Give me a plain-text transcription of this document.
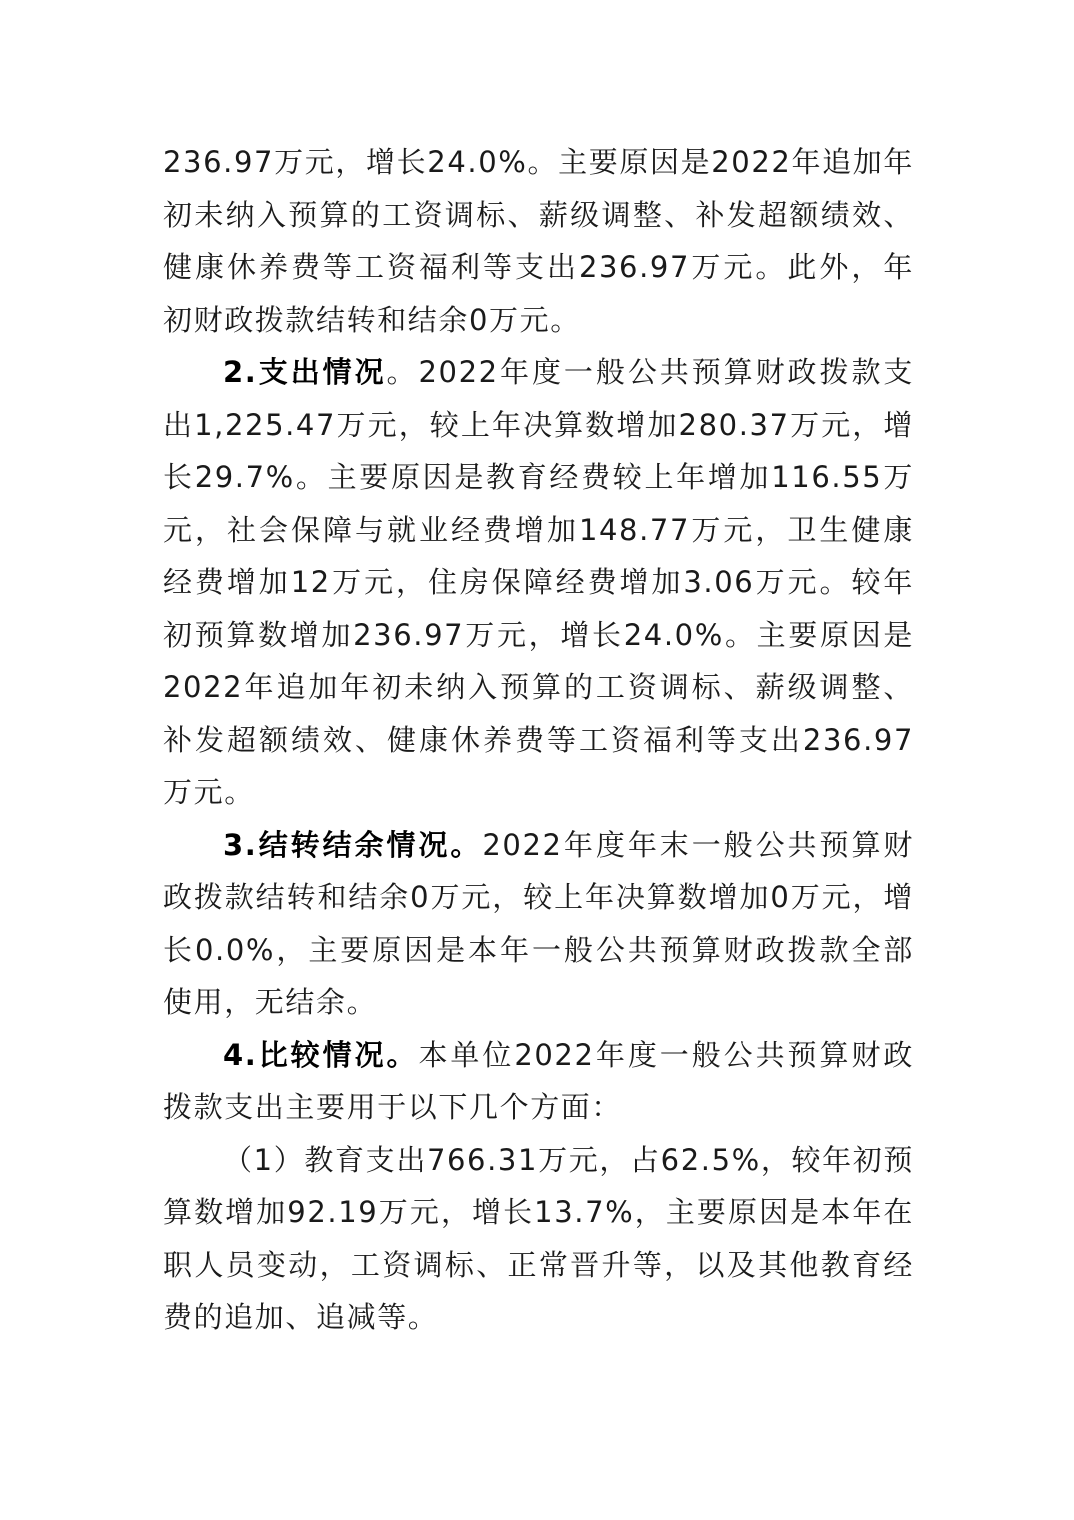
236.97万元，增长24.0%。主要原因是2022年追加年初未纳入预算的工资调标、薪级调整、补发超额绩效、健康休养费等工资福利等支出236.97万元。此外，年初财政拨款结转和结余0万元。

2.支出情况。2022年度一般公共预算财政拨款支出1,225.47万元，较上年决算数增加280.37万元，增长29.7%。主要原因是教育经费较上年增加116.55万元，社会保障与就业经费增加148.77万元，卫生健康经费增加12万元，住房保障经费增加3.06万元。较年初预算数增加236.97万元，增长24.0%。主要原因是2022年追加年初未纳入预算的工资调标、薪级调整、补发超额绩效、健康休养费等工资福利等支出236.97万元。

3.结转结余情况。2022年度年末一般公共预算财政拨款结转和结余0万元，较上年决算数增加0万元，增长0.0%，主要原因是本年一般公共预算财政拨款全部使用，无结余。

4.比较情况。本单位2022年度一般公共预算财政拨款支出主要用于以下几个方面：

（1）教育支出766.31万元，占62.5%，较年初预算数增加92.19万元，增长13.7%，主要原因是本年在职人员变动，工资调标、正常晋升等，以及其他教育经费的追加、追减等。
